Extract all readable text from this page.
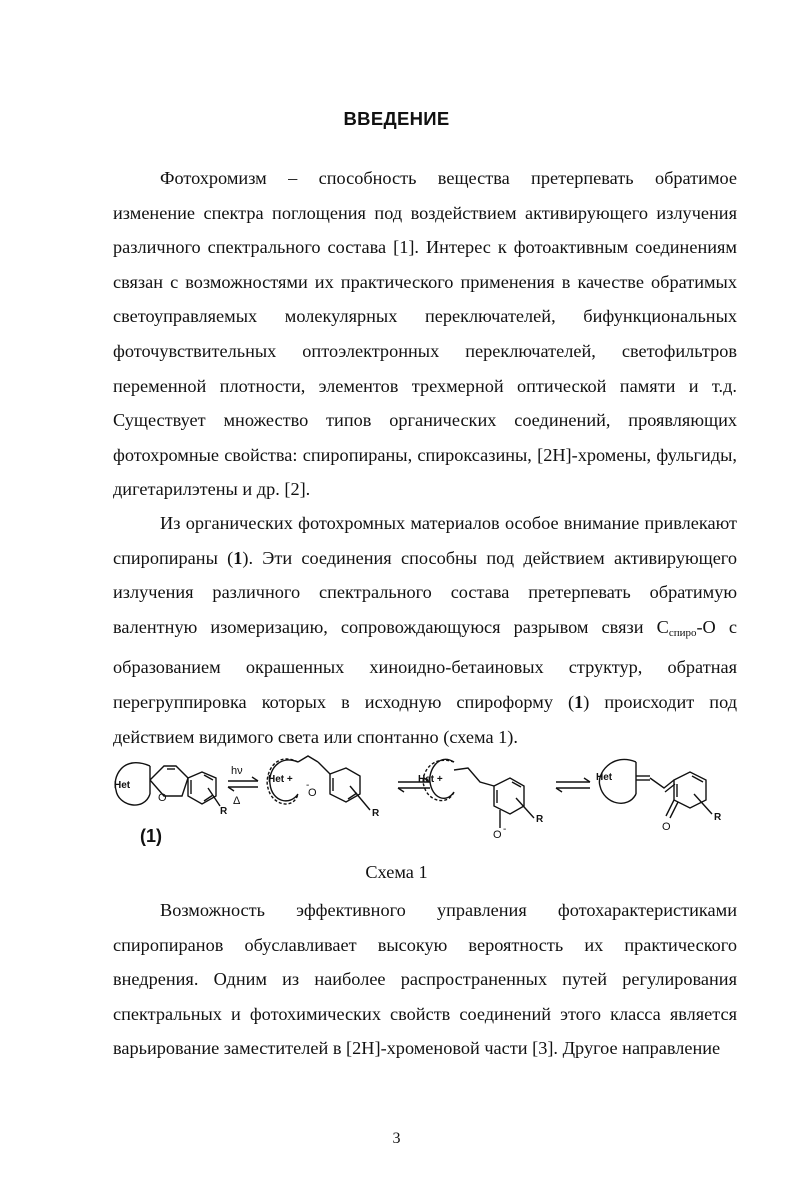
ВВЕДЕНИЕ

Фотохромизм – способность вещества претерпевать обратимое изменение спектра поглощения под воздействием активирующего излучения различного спектрального состава [1]. Интерес к фотоактивным соединениям связан с возможностями их практического применения в качестве обратимых светоуправляемых молекулярных переключателей, бифункциональных фоточувствительных оптоэлектронных переключателей, светофильтров переменной плотности, элементов трехмерной оптической памяти и т.д. Существует множество типов органических соединений, проявляющих фотохромные свойства: спиропираны, спироксазины, [2H]-хромены, фульгиды, дигетарилэтены и др. [2].

Из органических фотохромных материалов особое внимание привлекают спиропираны (1). Эти соединения способны под действием активирующего излучения различного спектрального состава претерпевать обратимую валентную изомеризацию, сопровождающуюся разрывом связи $C_{спиро}-O$ с образованием окрашенных хиноидно-бетаиновых структур, обратная перегруппировка которых в исходную спироформу (1) происходит под действием видимого света или спонтанно (схема 1).

Het
O
R
hν
Δ
Het +
O
-
R
Het +
O -
R
Het
O
R
(1)
Схема 1

Возможность эффективного управления фотохарактеристиками спиропиранов обуславливает высокую вероятность их практического внедрения. Одним из наиболее распространенных путей регулирования спектральных и фотохимических свойств соединений этого класса является варьирование заместителей в [2H]-хроменовой части [3]. Другое направление

3
